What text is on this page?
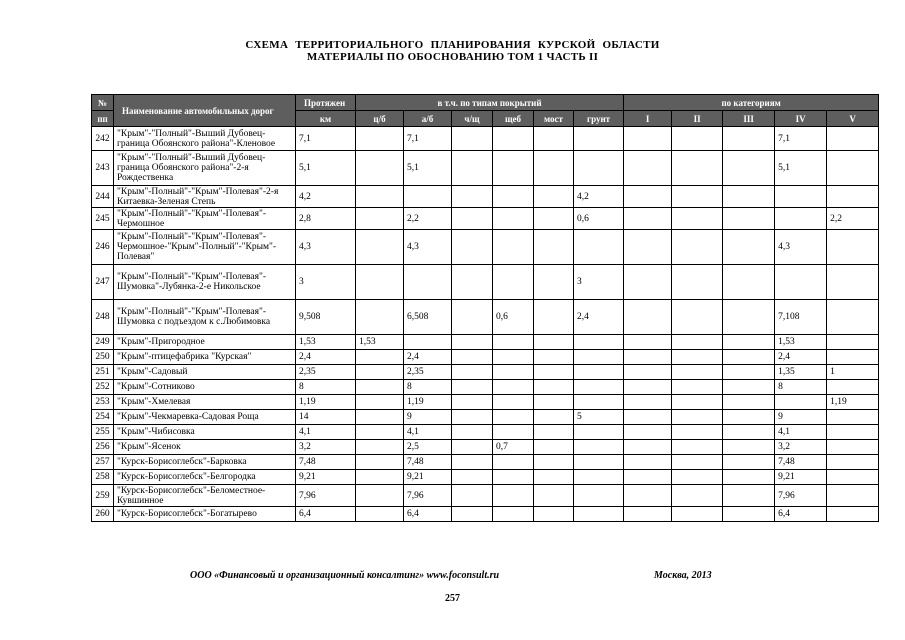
СХЕМА ТЕРРИТОРИАЛЬНОГО ПЛАНИРОВАНИЯ КУРСКОЙ ОБЛАСТИ
МАТЕРИАЛЫ ПО ОБОСНОВАНИЮ ТОМ 1 ЧАСТЬ II
№	Наименование автомобильных дорог	Протяжен	в т.ч. по типам покрытий						по категориям				
пп		км	ц/б	а/б	ч/щ	щеб	мост	грунт	I	II	III	IV	V
242	"Крым"-"Полный"-Выший Дубовец-граница Обоянского района"-Кленовое	7,1		7,1								7,1	
243	"Крым"-"Полный"-Выший Дубовец-граница Обоянского района"-2-я Рождественка	5,1		5,1								5,1	
244	"Крым"-Полный"-"Крым"-Полевая"-2-я Китаевка-Зеленая Степь	4,2						4,2					
245	"Крым"-Полный"-"Крым"-Полевая"-Чермошное	2,8		2,2				0,6					2,2
246	"Крым"-Полный"-"Крым"-Полевая"-Чермошное-"Крым"-Полный"-"Крым"-Полевая"	4,3		4,3								4,3	
247	"Крым"-Полный"-"Крым"-Полевая"-Шумовка"-Лубянка-2-е Никольское	3						3					
248	"Крым"-Полный"-"Крым"-Полевая"-Шумовка с подъездом к с.Любимовка	9,508		6,508		0,6		2,4				7,108	
249	"Крым"-Пригородное	1,53	1,53									1,53	
250	"Крым"-птицефабрика "Курская"	2,4		2,4								2,4	
251	"Крым"-Садовый	2,35		2,35								1,35	1
252	"Крым"-Сотниково	8		8								8	
253	"Крым"-Хмелевая	1,19		1,19									1,19
254	"Крым"-Чекмаревка-Садовая Роща	14		9				5				9	
255	"Крым"-Чибисовка	4,1		4,1								4,1	
256	"Крым"-Ясенок	3,2		2,5		0,7						3,2	
257	"Курск-Борисоглебск"-Барковка	7,48		7,48								7,48	
258	"Курск-Борисоглебск"-Белгородка	9,21		9,21								9,21	
259	"Курск-Борисоглебск"-Беломестное-Кувшинное	7,96		7,96								7,96	
260	"Курск-Борисоглебск"-Богатырево	6,4		6,4								6,4	
ООО «Финансовый и организационный консалтинг» www.foconsult.ru	Москва, 2013
257
